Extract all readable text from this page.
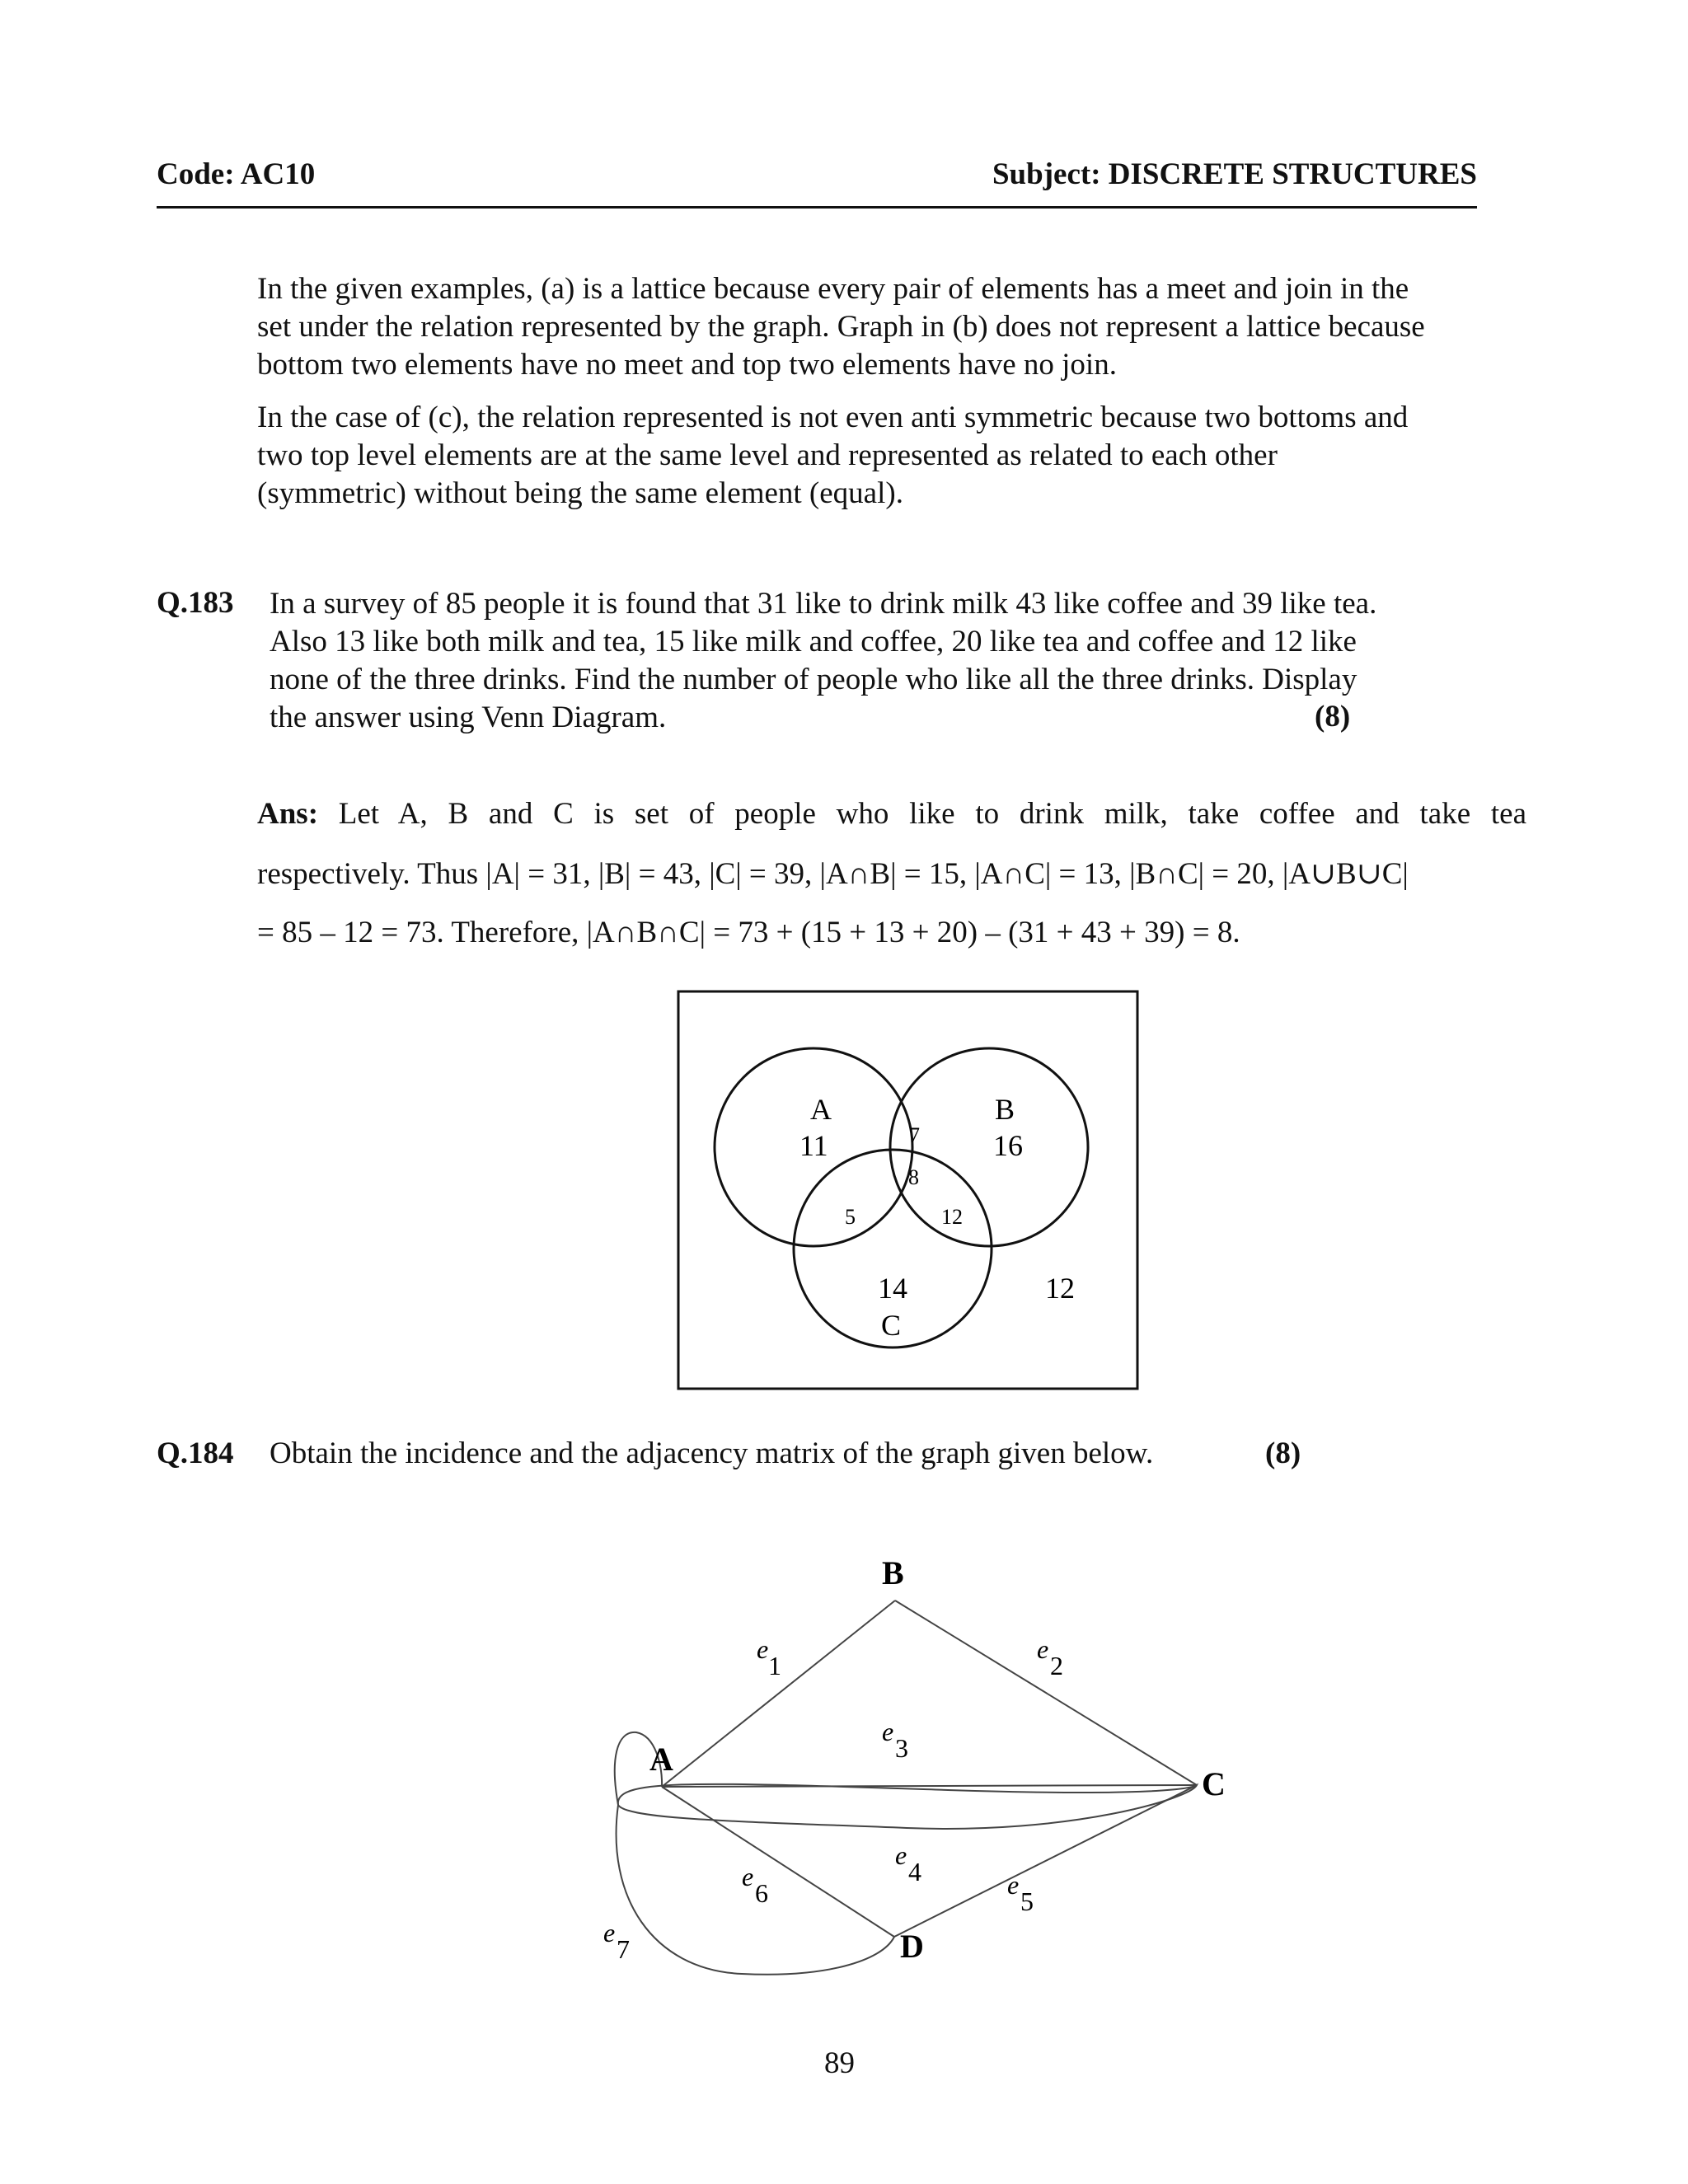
Code: AC10	Subject: DISCRETE STRUCTURES
In the given examples, (a) is a lattice because every pair of elements has a meet and join in the
set under the relation represented by the graph. Graph in (b) does not represent a lattice because
bottom two elements have no meet and top two elements have no join.
In the case of (c), the relation represented is not even anti symmetric because two bottoms and
two top level elements are at the same level and represented as related to each other
(symmetric) without being the same element (equal).
Q.183 In a survey of 85 people it is found that 31 like to drink milk 43 like coffee and 39 like tea.
Also 13 like both milk and tea, 15 like milk and coffee, 20 like tea and coffee and 12 like
none of the three drinks. Find the number of people who like all the three drinks. Display
the answer using Venn Diagram.	(8)
Ans: Let A, B and C is set of people who like to drink milk, take coffee and take tea
respectively. Thus |A| = 31, |B| = 43, |C| = 39, |A∩B| = 15, |A∩C| = 13, |B∩C| = 20, |A∪B∪C|
= 85 – 12 = 73. Therefore, |A∩B∩C| = 73 + (15 + 13 + 20) – (31 + 43 + 39) = 8.
A
11
B
16
7
8
5	12
14
C
12
Q.184 Obtain the incidence and the adjacency matrix of the graph given below.	(8)
B
A
C
D
e
1
e
2
e
3
e
4	e
5
e
6
e
7
89
